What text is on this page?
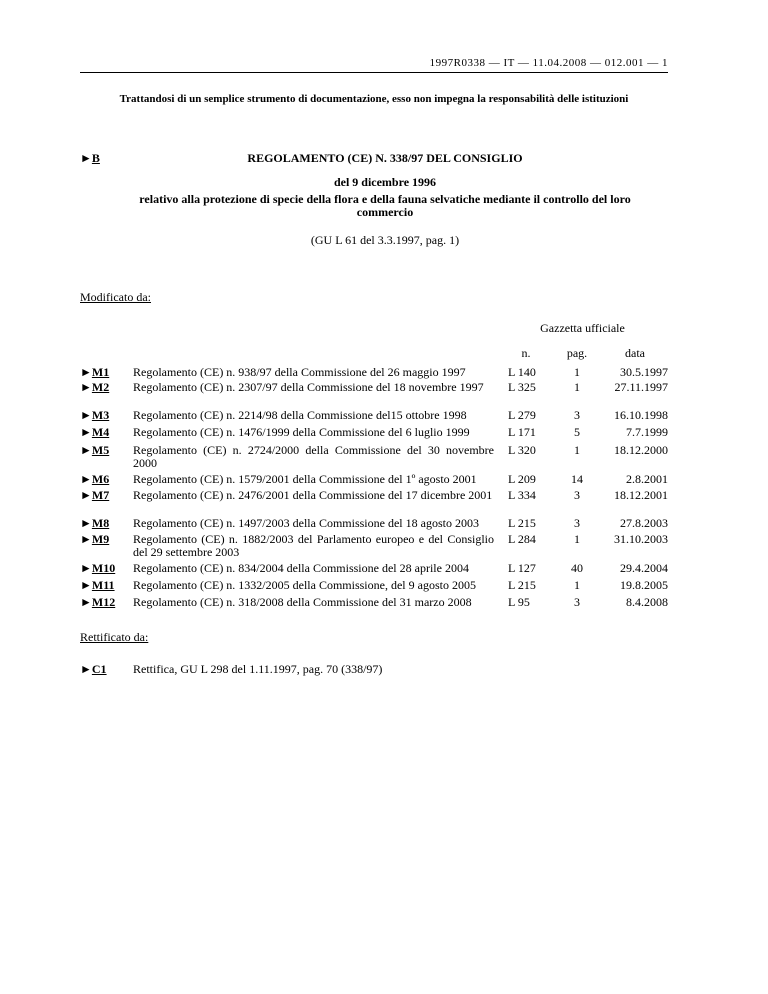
1997R0338 — IT — 11.04.2008 — 012.001 — 1
Trattandosi di un semplice strumento di documentazione, esso non impegna la responsabilità delle istituzioni
►B	REGOLAMENTO (CE) N. 338/97 DEL CONSIGLIO
del 9 dicembre 1996
relativo alla protezione di specie della flora e della fauna selvatiche mediante il controllo del loro commercio
(GU L 61 del 3.3.1997, pag. 1)
Modificato da:
Gazzetta ufficiale
n.	pag.	data
►M1 Regolamento (CE) n. 938/97 della Commissione del 26 maggio 1997	L 140	1	30.5.1997
►M2 Regolamento (CE) n. 2307/97 della Commissione del 18 novembre 1997	L 325	1	27.11.1997
►M3 Regolamento (CE) n. 2214/98 della Commissione del15 ottobre 1998	L 279	3	16.10.1998
►M4 Regolamento (CE) n. 1476/1999 della Commissione del 6 luglio 1999	L 171	5	7.7.1999
►M5 Regolamento (CE) n. 2724/2000 della Commissione del 30 novembre 2000
L 320	1	18.12.2000
►M6 Regolamento (CE) n. 1579/2001 della Commissione del 1º agosto 2001	L 209	14	2.8.2001
►M7 Regolamento (CE) n. 2476/2001 della Commissione del 17 dicembre 2001 L 334	3	18.12.2001
►M8 Regolamento (CE) n. 1497/2003 della Commissione del 18 agosto 2003	L 215	3	27.8.2003
►M9 Regolamento (CE) n. 1882/2003 del Parlamento europeo e del Consiglio del 29 settembre 2003
L 284	1	31.10.2003
►M10 Regolamento (CE) n. 834/2004 della Commissione del 28 aprile 2004	L 127	40	29.4.2004
►M11 Regolamento (CE) n. 1332/2005 della Commissione, del 9 agosto 2005	L 215	1	19.8.2005
►M12 Regolamento (CE) n. 318/2008 della Commissione del 31 marzo 2008	L 95	3	8.4.2008
Rettificato da:
►C1 Rettifica, GU L 298 del 1.11.1997, pag. 70 (338/97)
